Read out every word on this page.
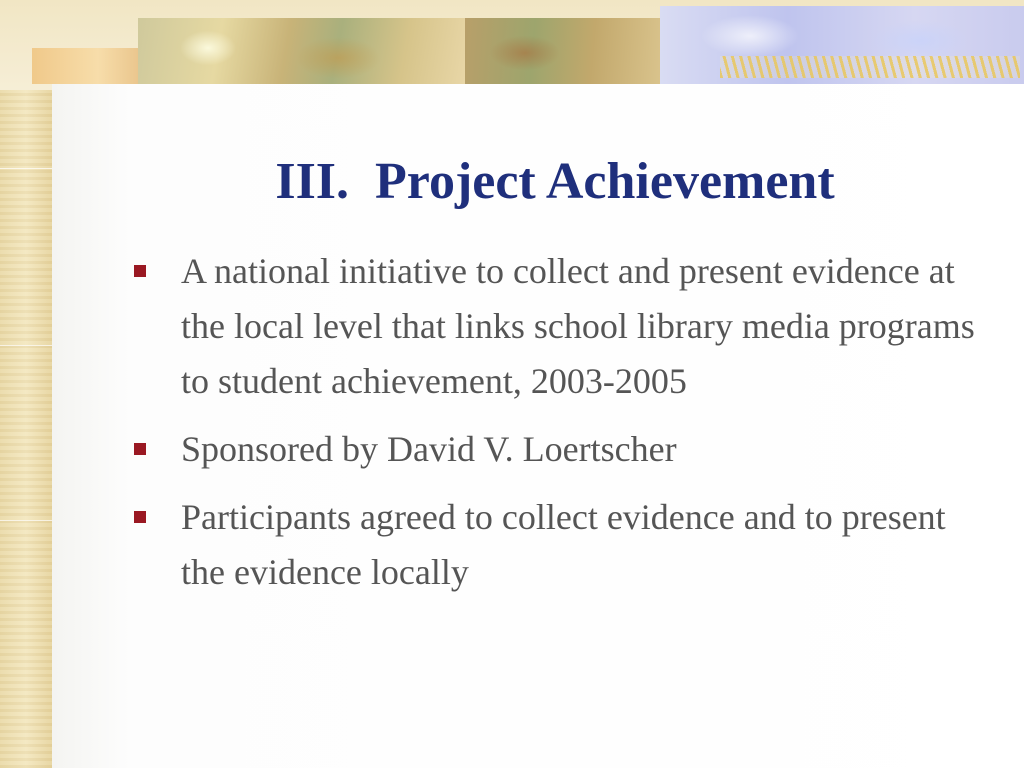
III.  Project Achievement
A national initiative to collect and present evidence at the local level that links school library media programs to student achievement, 2003-2005
Sponsored by David V. Loertscher
Participants agreed to collect evidence and to present the evidence locally
